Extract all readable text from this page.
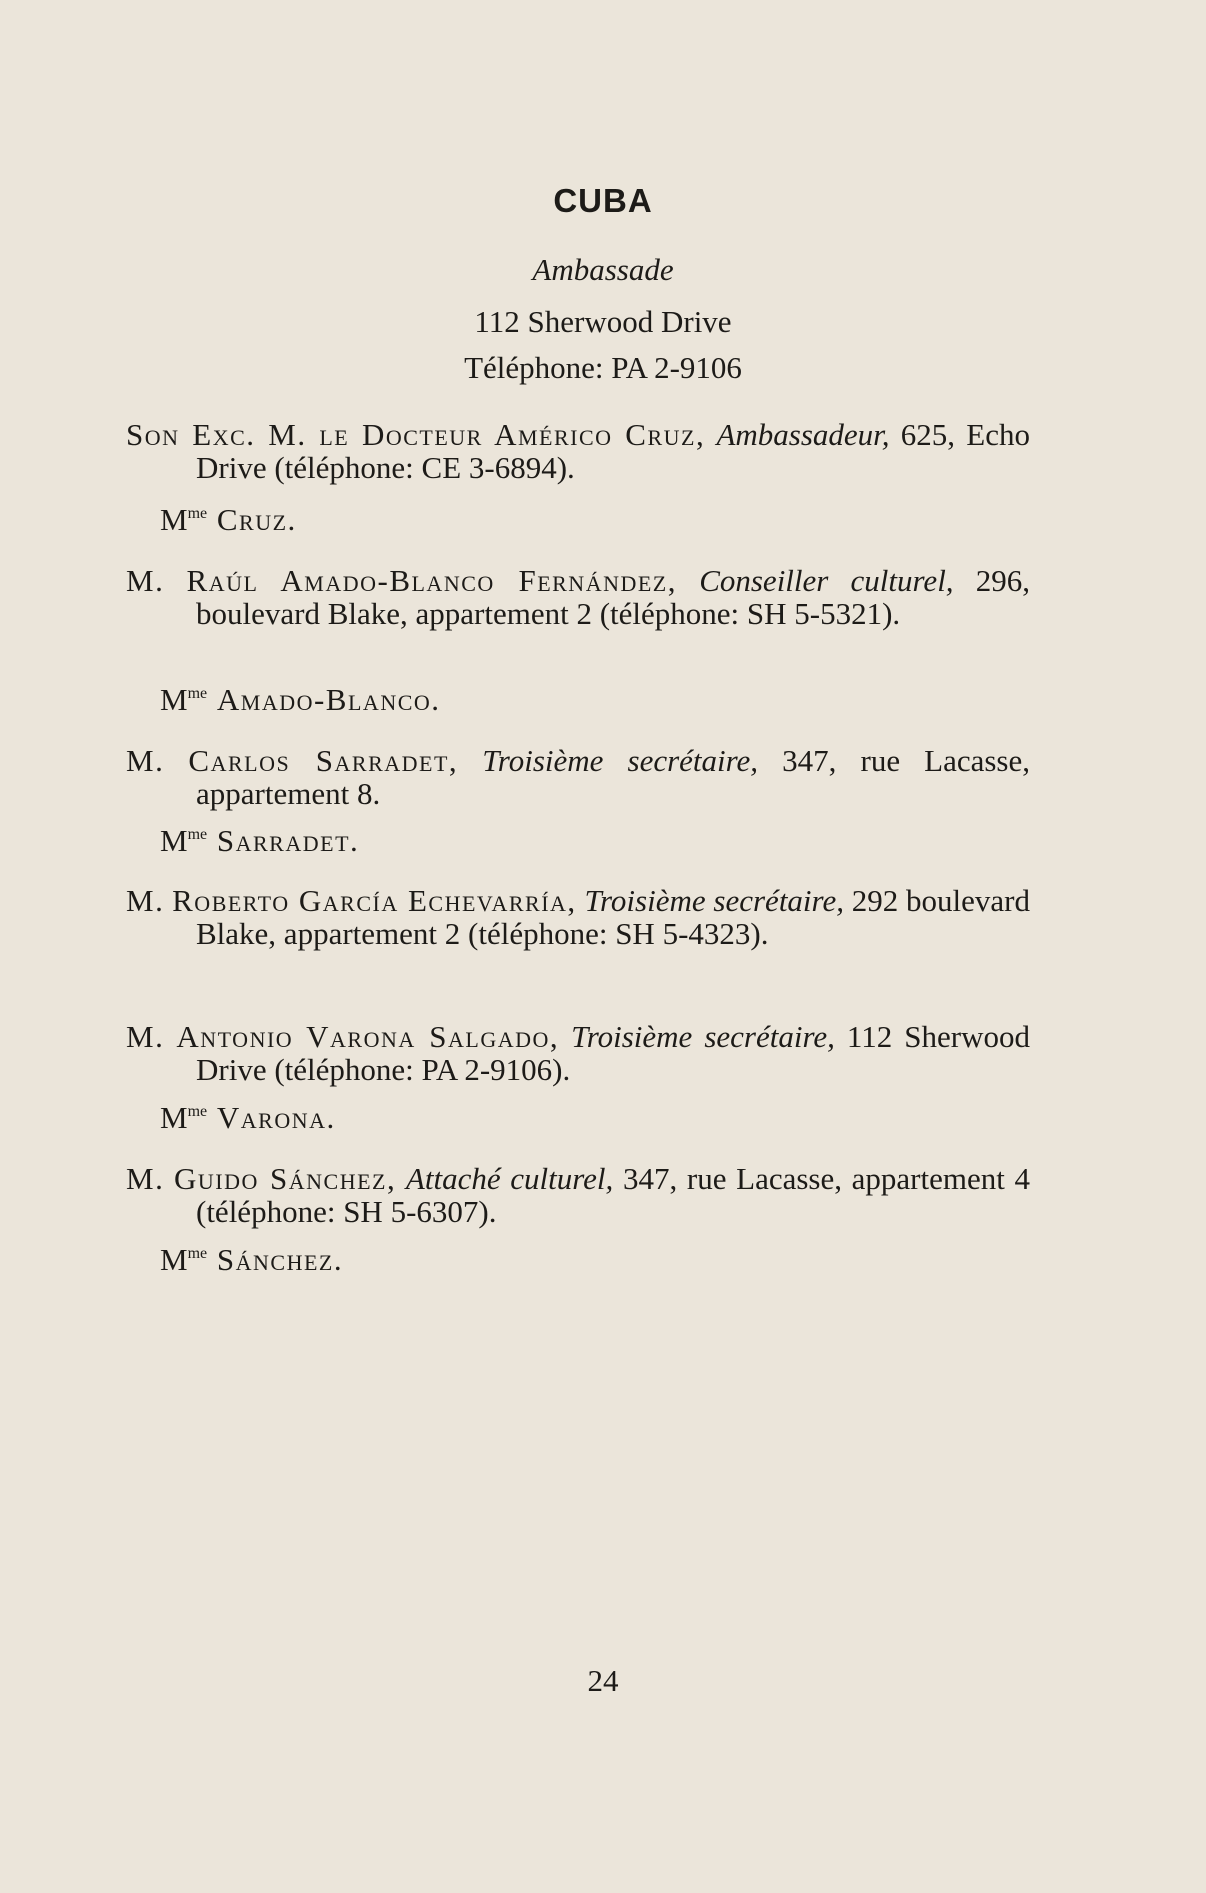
CUBA
Ambassade
112 Sherwood Drive
Téléphone: PA 2-9106
Son Exc. M. le Docteur Américo Cruz, Ambassadeur, 625, Echo Drive (téléphone: CE 3-6894).
$M^{me}$ Cruz.
M. Raúl Amado-Blanco Fernández, Conseiller culturel, 296, boulevard Blake, appartement 2 (téléphone: SH 5-5321).
$M^{me}$ Amado-Blanco.
M. Carlos Sarradet, Troisième secrétaire, 347, rue Lacasse, appartement 8.
$M^{me}$ Sarradet.
M. Roberto García Echevarría, Troisième secrétaire, 292 boulevard Blake, appartement 2 (téléphone: SH 5-4323).
M. Antonio Varona Salgado, Troisième secrétaire, 112 Sherwood Drive (téléphone: PA 2-9106).
$M^{me}$ Varona.
M. Guido Sánchez, Attaché culturel, 347, rue Lacasse, appartement 4 (téléphone: SH 5-6307).
$M^{me}$ Sánchez.
24
